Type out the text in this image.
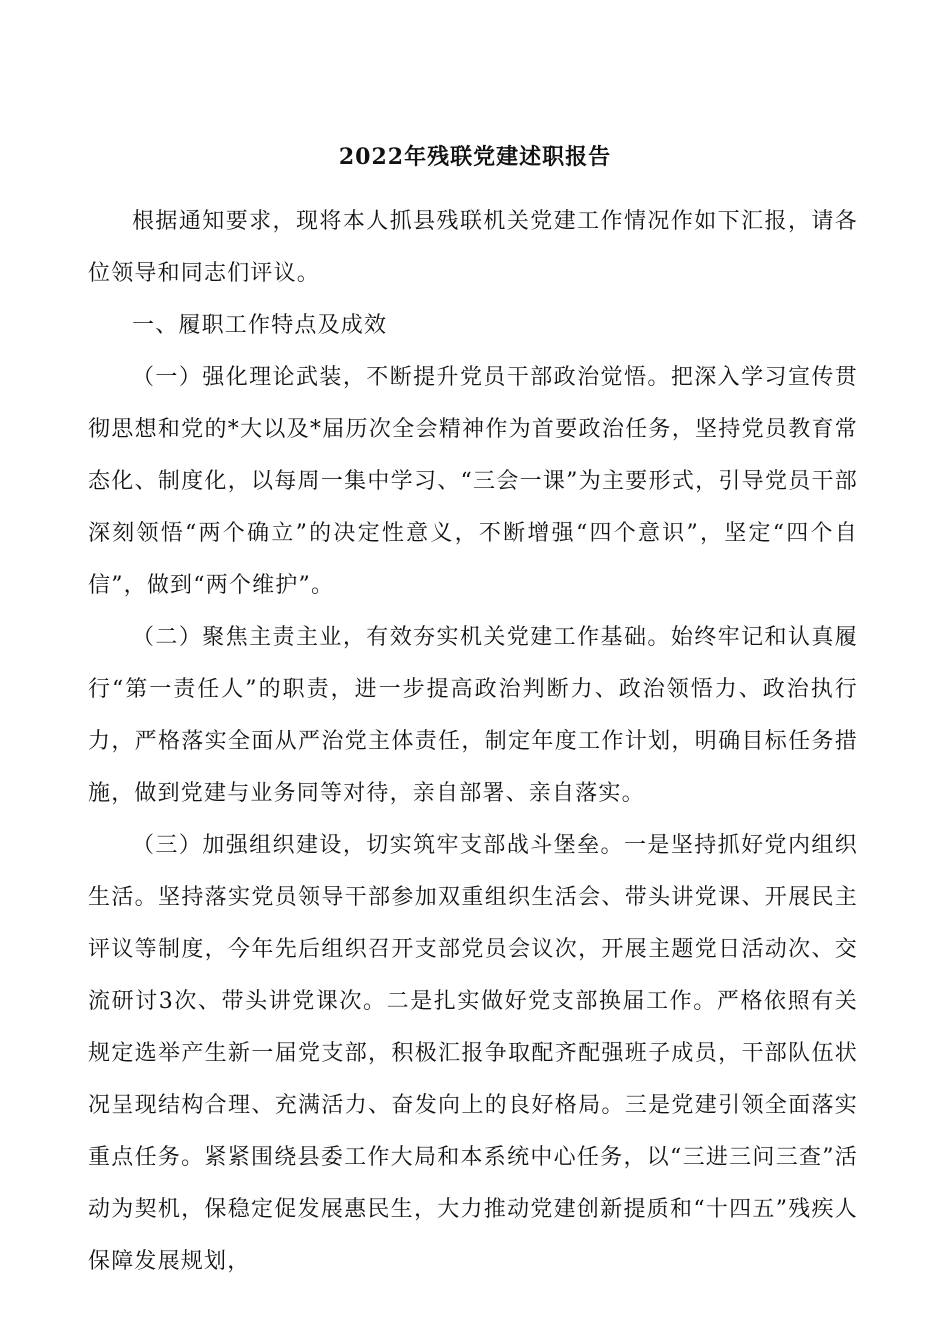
2022年残联党建述职报告

根据通知要求，现将本人抓县残联机关党建工作情况作如下汇报，请各位领导和同志们评议。

一、履职工作特点及成效

（一）强化理论武装，不断提升党员干部政治觉悟。把深入学习宣传贯彻思想和党的*大以及*届历次全会精神作为首要政治任务，坚持党员教育常态化、制度化，以每周一集中学习、“三会一课”为主要形式，引导党员干部深刻领悟“两个确立”的决定性意义，不断增强“四个意识”，坚定“四个自信”，做到“两个维护”。

（二）聚焦主责主业，有效夯实机关党建工作基础。始终牢记和认真履行“第一责任人”的职责，进一步提高政治判断力、政治领悟力、政治执行力，严格落实全面从严治党主体责任，制定年度工作计划，明确目标任务措施，做到党建与业务同等对待，亲自部署、亲自落实。

（三）加强组织建设，切实筑牢支部战斗堡垒。一是坚持抓好党内组织生活。坚持落实党员领导干部参加双重组织生活会、带头讲党课、开展民主评议等制度，今年先后组织召开支部党员会议次，开展主题党日活动次、交流研讨3次、带头讲党课次。二是扎实做好党支部换届工作。严格依照有关规定选举产生新一届党支部，积极汇报争取配齐配强班子成员，干部队伍状况呈现结构合理、充满活力、奋发向上的良好格局。三是党建引领全面落实重点任务。紧紧围绕县委工作大局和本系统中心任务，以“三进三问三查”活动为契机，保稳定促发展惠民生，大力推动党建创新提质和“十四五”残疾人保障发展规划，
